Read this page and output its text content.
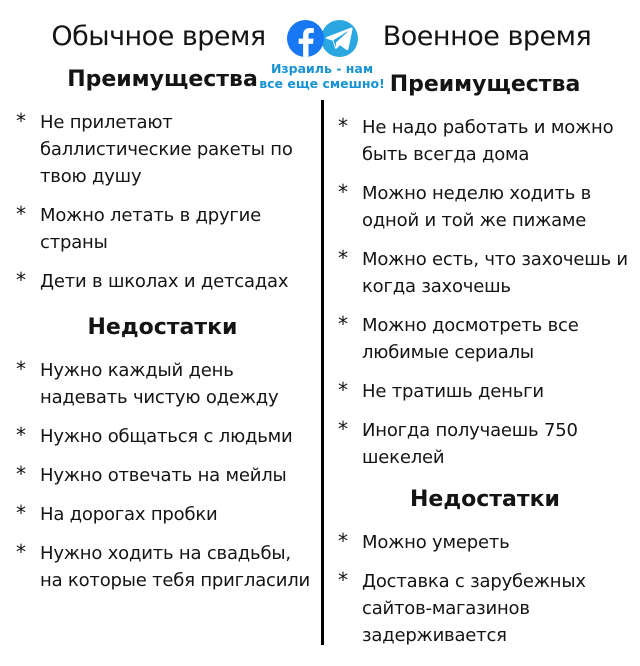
Израиль - нам
все еще смешно!
Обычное время
Преимущества
* Не прилетают баллистические ракеты по твою душу
* Можно летать в другие страны
* Дети в школах и детсадах
Недостатки
* Нужно каждый день надевать чистую одежду
* Нужно общаться с людьми
* Нужно отвечать на мейлы
* На дорогах пробки
* Нужно ходить на свадьбы, на которые тебя пригласили
Военное время
Преимущества
* Не надо работать и можно быть всегда дома
* Можно неделю ходить в одной и той же пижаме
* Можно есть, что захочешь и когда захочешь
* Можно досмотреть все любимые сериалы
* Не тратишь деньги
* Иногда получаешь 750 шекелей
Недостатки
* Можно умереть
* Доставка с зарубежных сайтов-магазинов задерживается
